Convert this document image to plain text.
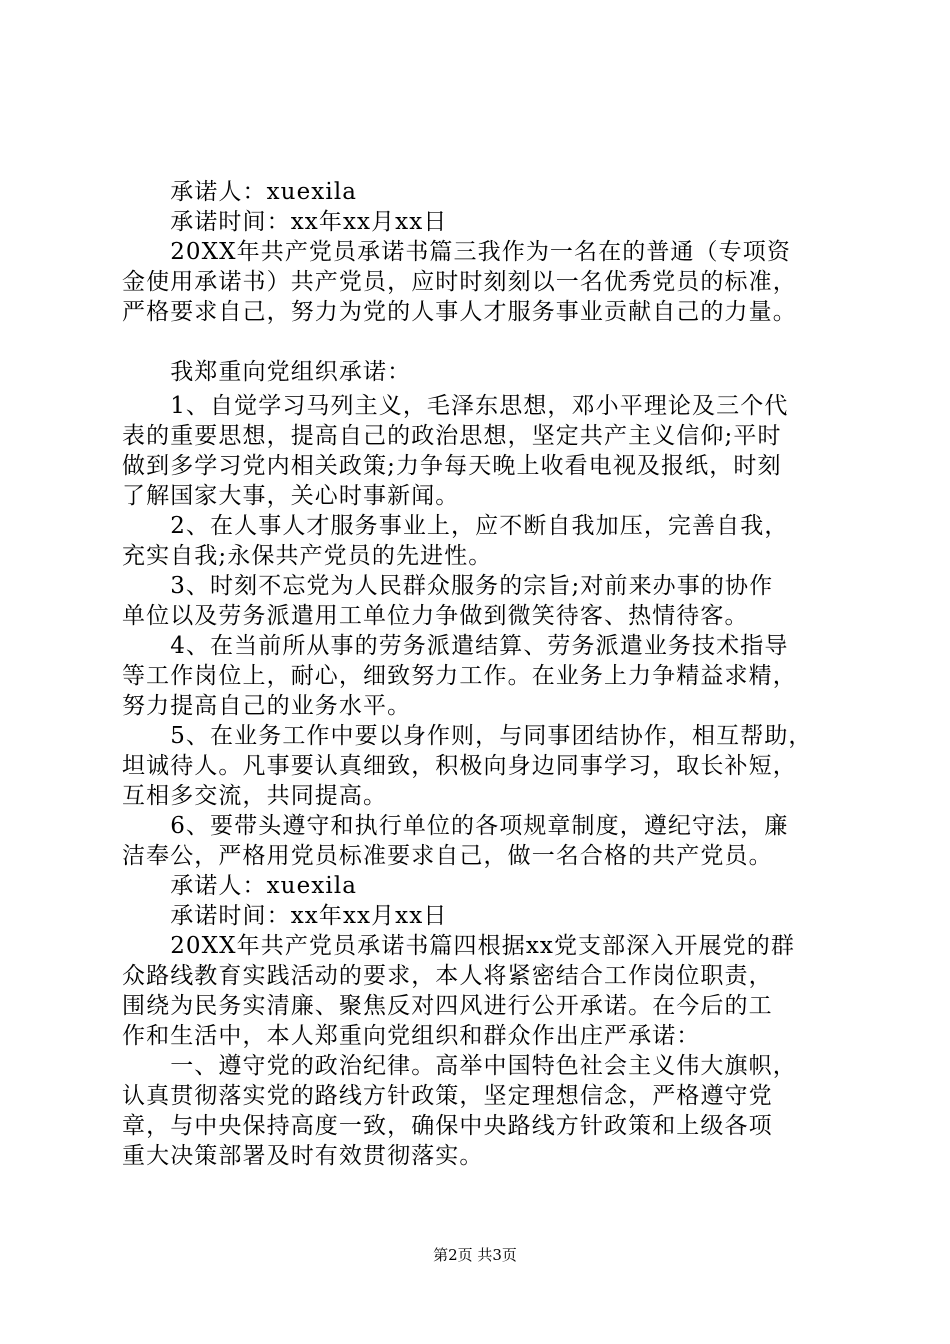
　　承诺人：xuexila
　　承诺时间：xx年xx月xx日
　　20XX年共产党员承诺书篇三我作为一名在的普通（专项资
金使用承诺书）共产党员，应时时刻刻以一名优秀党员的标准，
严格要求自己，努力为党的人事人才服务事业贡献自己的力量。
　　我郑重向党组织承诺：
　　1、自觉学习马列主义，毛泽东思想，邓小平理论及三个代
表的重要思想，提高自己的政治思想，坚定共产主义信仰;平时
做到多学习党内相关政策;力争每天晚上收看电视及报纸，时刻
了解国家大事，关心时事新闻。
　　2、在人事人才服务事业上，应不断自我加压，完善自我，
充实自我;永保共产党员的先进性。
　　3、时刻不忘党为人民群众服务的宗旨;对前来办事的协作
单位以及劳务派遣用工单位力争做到微笑待客、热情待客。
　　4、在当前所从事的劳务派遣结算、劳务派遣业务技术指导
等工作岗位上，耐心，细致努力工作。在业务上力争精益求精，
努力提高自己的业务水平。
　　5、在业务工作中要以身作则，与同事团结协作，相互帮助，
坦诚待人。凡事要认真细致，积极向身边同事学习，取长补短，
互相多交流，共同提高。
　　6、要带头遵守和执行单位的各项规章制度，遵纪守法，廉
洁奉公，严格用党员标准要求自己，做一名合格的共产党员。
　　承诺人：xuexila
　　承诺时间：xx年xx月xx日
　　20XX年共产党员承诺书篇四根据xx党支部深入开展党的群
众路线教育实践活动的要求，本人将紧密结合工作岗位职责，
围绕为民务实清廉、聚焦反对四风进行公开承诺。在今后的工
作和生活中，本人郑重向党组织和群众作出庄严承诺：
　　一、遵守党的政治纪律。高举中国特色社会主义伟大旗帜，
认真贯彻落实党的路线方针政策，坚定理想信念，严格遵守党
章，与中央保持高度一致，确保中央路线方针政策和上级各项
重大决策部署及时有效贯彻落实。
第2页 共3页
